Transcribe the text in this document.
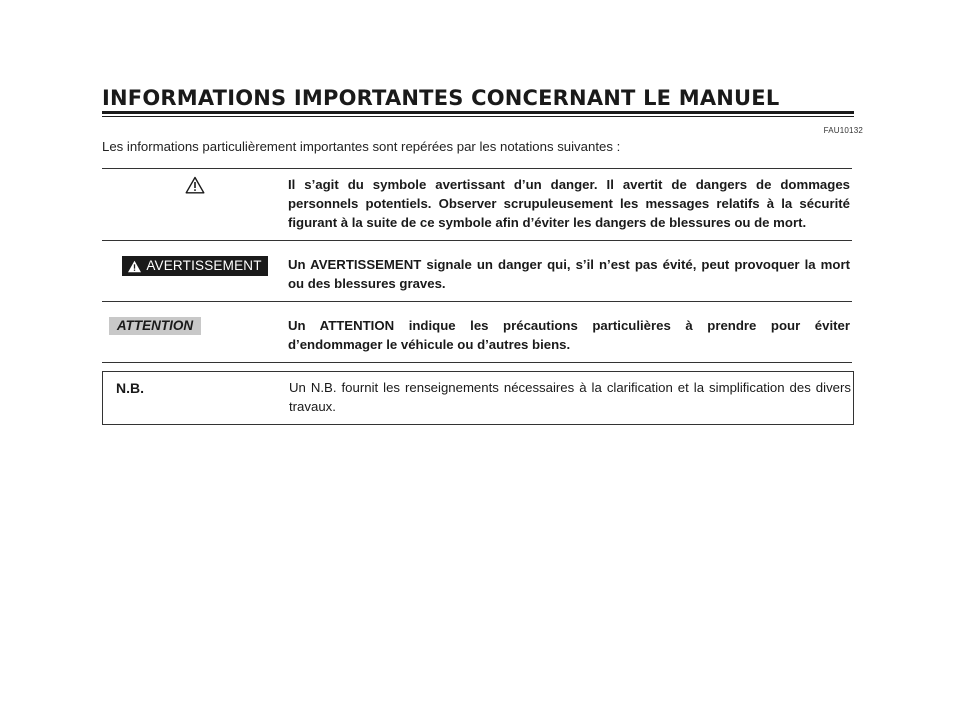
INFORMATIONS IMPORTANTES CONCERNANT LE MANUEL
FAU10132
Les informations particulièrement importantes sont repérées par les notations suivantes :
Il s’agit du symbole avertissant d’un danger. Il avertit de dangers de dommages personnels potentiels. Observer scrupuleusement les messages relatifs à la sécurité figurant à la suite de ce symbole afin d’éviter les dangers de blessures ou de mort.
AVERTISSEMENT Un AVERTISSEMENT signale un danger qui, s’il n’est pas évité, peut provoquer la mort ou des blessures graves.
ATTENTION	Un ATTENTION indique les précautions particulières à prendre pour éviter d’endommager le véhicule ou d’autres biens.
N.B.	Un N.B. fournit les renseignements nécessaires à la clarification et la simplification des divers travaux.
